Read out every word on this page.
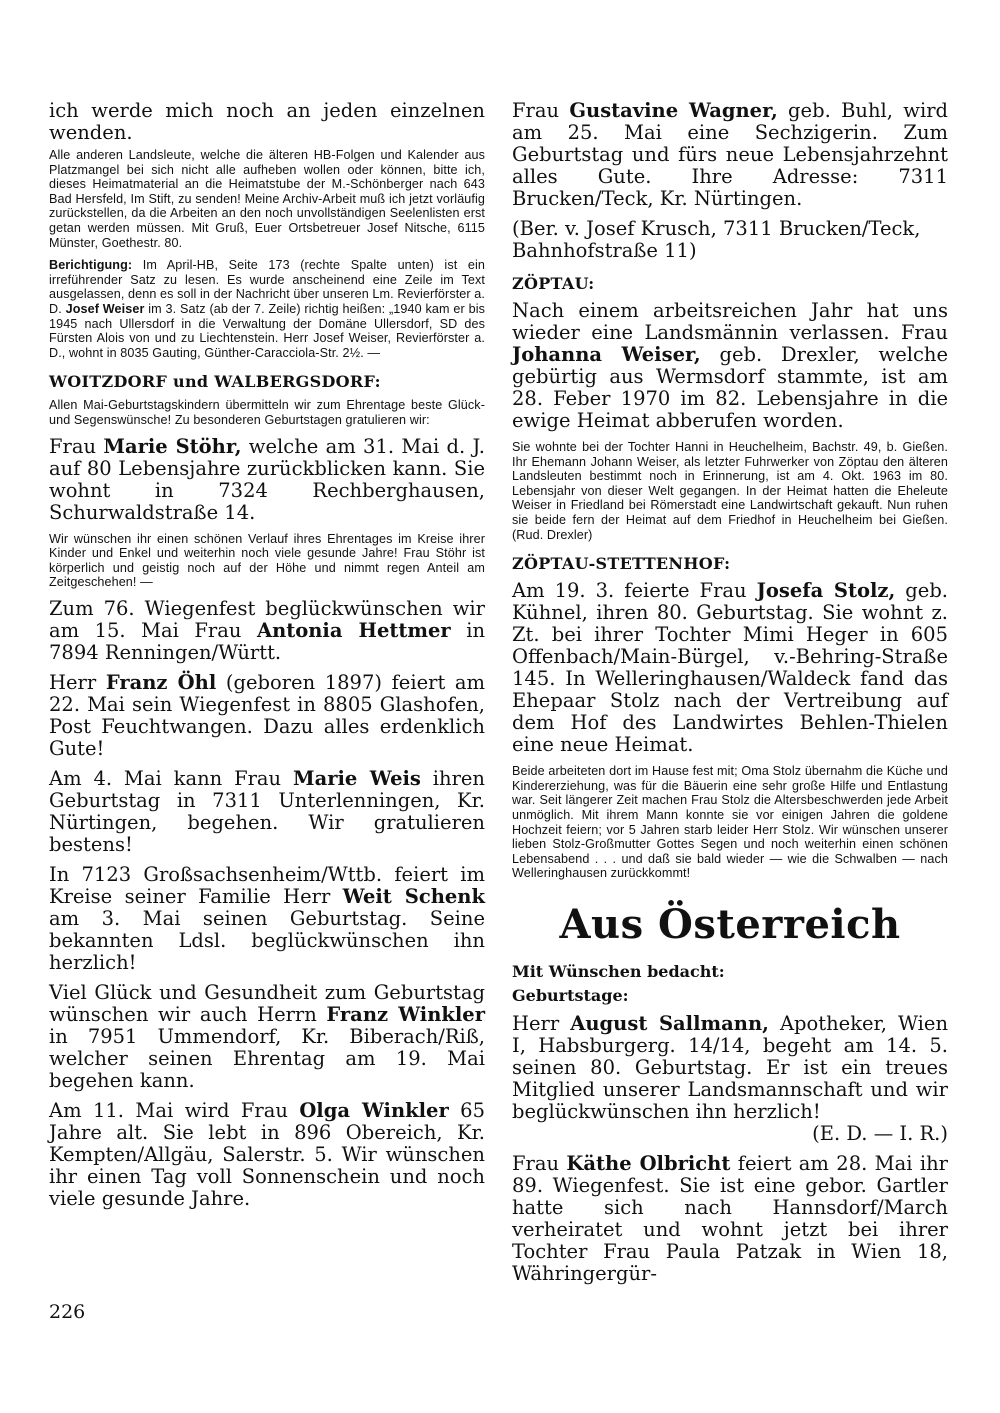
ich werde mich noch an jeden einzelnen wenden.

Alle anderen Landsleute, welche die älteren HB-Folgen und Kalender aus Platzmangel bei sich nicht alle aufheben wollen oder können, bitte ich, dieses Heimatmaterial an die Heimatstube der M.-Schönberger nach 643 Bad Hersfeld, Im Stift, zu senden! Meine Archiv-Arbeit muß ich jetzt vorläufig zurückstellen, da die Arbeiten an den noch unvollständigen Seelenlisten erst getan werden müssen. Mit Gruß, Euer Ortsbetreuer Josef Nitsche, 6115 Münster, Goethestr. 80.

Berichtigung: Im April-HB, Seite 173 (rechte Spalte unten) ist ein irreführender Satz zu lesen. Es wurde anscheinend eine Zeile im Text ausgelassen, denn es soll in der Nachricht über unseren Lm. Revierförster a. D. Josef Weiser im 3. Satz (ab der 7. Zeile) richtig heißen: „1940 kam er bis 1945 nach Ullersdorf in die Verwaltung der Domäne Ullersdorf, SD des Fürsten Alois von und zu Liechtenstein. Herr Josef Weiser, Revierförster a. D., wohnt in 8035 Gauting, Günther-Caracciola-Str. 2½. —

WOITZDORF und WALBERGSDORF:

Allen Mai-Geburtstagskindern übermitteln wir zum Ehrentage beste Glück- und Segenswünsche! Zu besonderen Geburtstagen gratulieren wir:

Frau Marie Stöhr, welche am 31. Mai d. J. auf 80 Lebensjahre zurückblicken kann. Sie wohnt in 7324 Rechberghausen, Schurwaldstraße 14.

Wir wünschen ihr einen schönen Verlauf ihres Ehrentages im Kreise ihrer Kinder und Enkel und weiterhin noch viele gesunde Jahre! Frau Stöhr ist körperlich und geistig noch auf der Höhe und nimmt regen Anteil am Zeitgeschehen! —

Zum 76. Wiegenfest beglückwünschen wir am 15. Mai Frau Antonia Hettmer in 7894 Renningen/Württ.

Herr Franz Öhl (geboren 1897) feiert am 22. Mai sein Wiegenfest in 8805 Glashofen, Post Feuchtwangen. Dazu alles erdenklich Gute!

Am 4. Mai kann Frau Marie Weis ihren Geburtstag in 7311 Unterlenningen, Kr. Nürtingen, begehen. Wir gratulieren bestens!

In 7123 Großsachsenheim/Wttb. feiert im Kreise seiner Familie Herr Weit Schenk am 3. Mai seinen Geburtstag. Seine bekannten Ldsl. beglückwünschen ihn herzlich!

Viel Glück und Gesundheit zum Geburtstag wünschen wir auch Herrn Franz Winkler in 7951 Ummendorf, Kr. Biberach/Riß, welcher seinen Ehrentag am 19. Mai begehen kann.

Am 11. Mai wird Frau Olga Winkler 65 Jahre alt. Sie lebt in 896 Obereich, Kr. Kempten/Allgäu, Salerstr. 5. Wir wünschen ihr einen Tag voll Sonnenschein und noch viele gesunde Jahre.

Frau Gustavine Wagner, geb. Buhl, wird am 25. Mai eine Sechzigerin. Zum Geburtstag und fürs neue Lebensjahrzehnt alles Gute. Ihre Adresse: 7311 Brucken/Teck, Kr. Nürtingen.

(Ber. v. Josef Krusch, 7311 Brucken/Teck, Bahnhofstraße 11)

ZÖPTAU:

Nach einem arbeitsreichen Jahr hat uns wieder eine Landsmännin verlassen. Frau Johanna Weiser, geb. Drexler, welche gebürtig aus Wermsdorf stammte, ist am 28. Feber 1970 im 82. Lebensjahre in die ewige Heimat abberufen worden.

Sie wohnte bei der Tochter Hanni in Heuchelheim, Bachstr. 49, b. Gießen. Ihr Ehemann Johann Weiser, als letzter Fuhrwerker von Zöptau den älteren Landsleuten bestimmt noch in Erinnerung, ist am 4. Okt. 1963 im 80. Lebensjahr von dieser Welt gegangen. In der Heimat hatten die Eheleute Weiser in Friedland bei Römerstadt eine Landwirtschaft gekauft. Nun ruhen sie beide fern der Heimat auf dem Friedhof in Heuchelheim bei Gießen. (Rud. Drexler)

ZÖPTAU-STETTENHOF:

Am 19. 3. feierte Frau Josefa Stolz, geb. Kühnel, ihren 80. Geburtstag. Sie wohnt z. Zt. bei ihrer Tochter Mimi Heger in 605 Offenbach/Main-Bürgel, v.-Behring-Straße 145. In Welleringhausen/Waldeck fand das Ehepaar Stolz nach der Vertreibung auf dem Hof des Landwirtes Behlen-Thielen eine neue Heimat.

Beide arbeiteten dort im Hause fest mit; Oma Stolz übernahm die Küche und Kindererziehung, was für die Bäuerin eine sehr große Hilfe und Entlastung war. Seit längerer Zeit machen Frau Stolz die Altersbeschwerden jede Arbeit unmöglich. Mit ihrem Mann konnte sie vor einigen Jahren die goldene Hochzeit feiern; vor 5 Jahren starb leider Herr Stolz. Wir wünschen unserer lieben Stolz-Großmutter Gottes Segen und noch weiterhin einen schönen Lebensabend . . . und daß sie bald wieder — wie die Schwalben — nach Welleringhausen zurückkommt!

Aus Österreich
Mit Wünschen bedacht:
Geburtstage:

Herr August Sallmann, Apotheker, Wien I, Habsburgerg. 14/14, begeht am 14. 5. seinen 80. Geburtstag. Er ist ein treues Mitglied unserer Landsmannschaft und wir beglückwünschen ihn herzlich!

(E. D. — I. R.)

Frau Käthe Olbricht feiert am 28. Mai ihr 89. Wiegenfest. Sie ist eine gebor. Gartler hatte sich nach Hannsdorf/March verheiratet und wohnt jetzt bei ihrer Tochter Frau Paula Patzak in Wien 18, Währingergür-

226
